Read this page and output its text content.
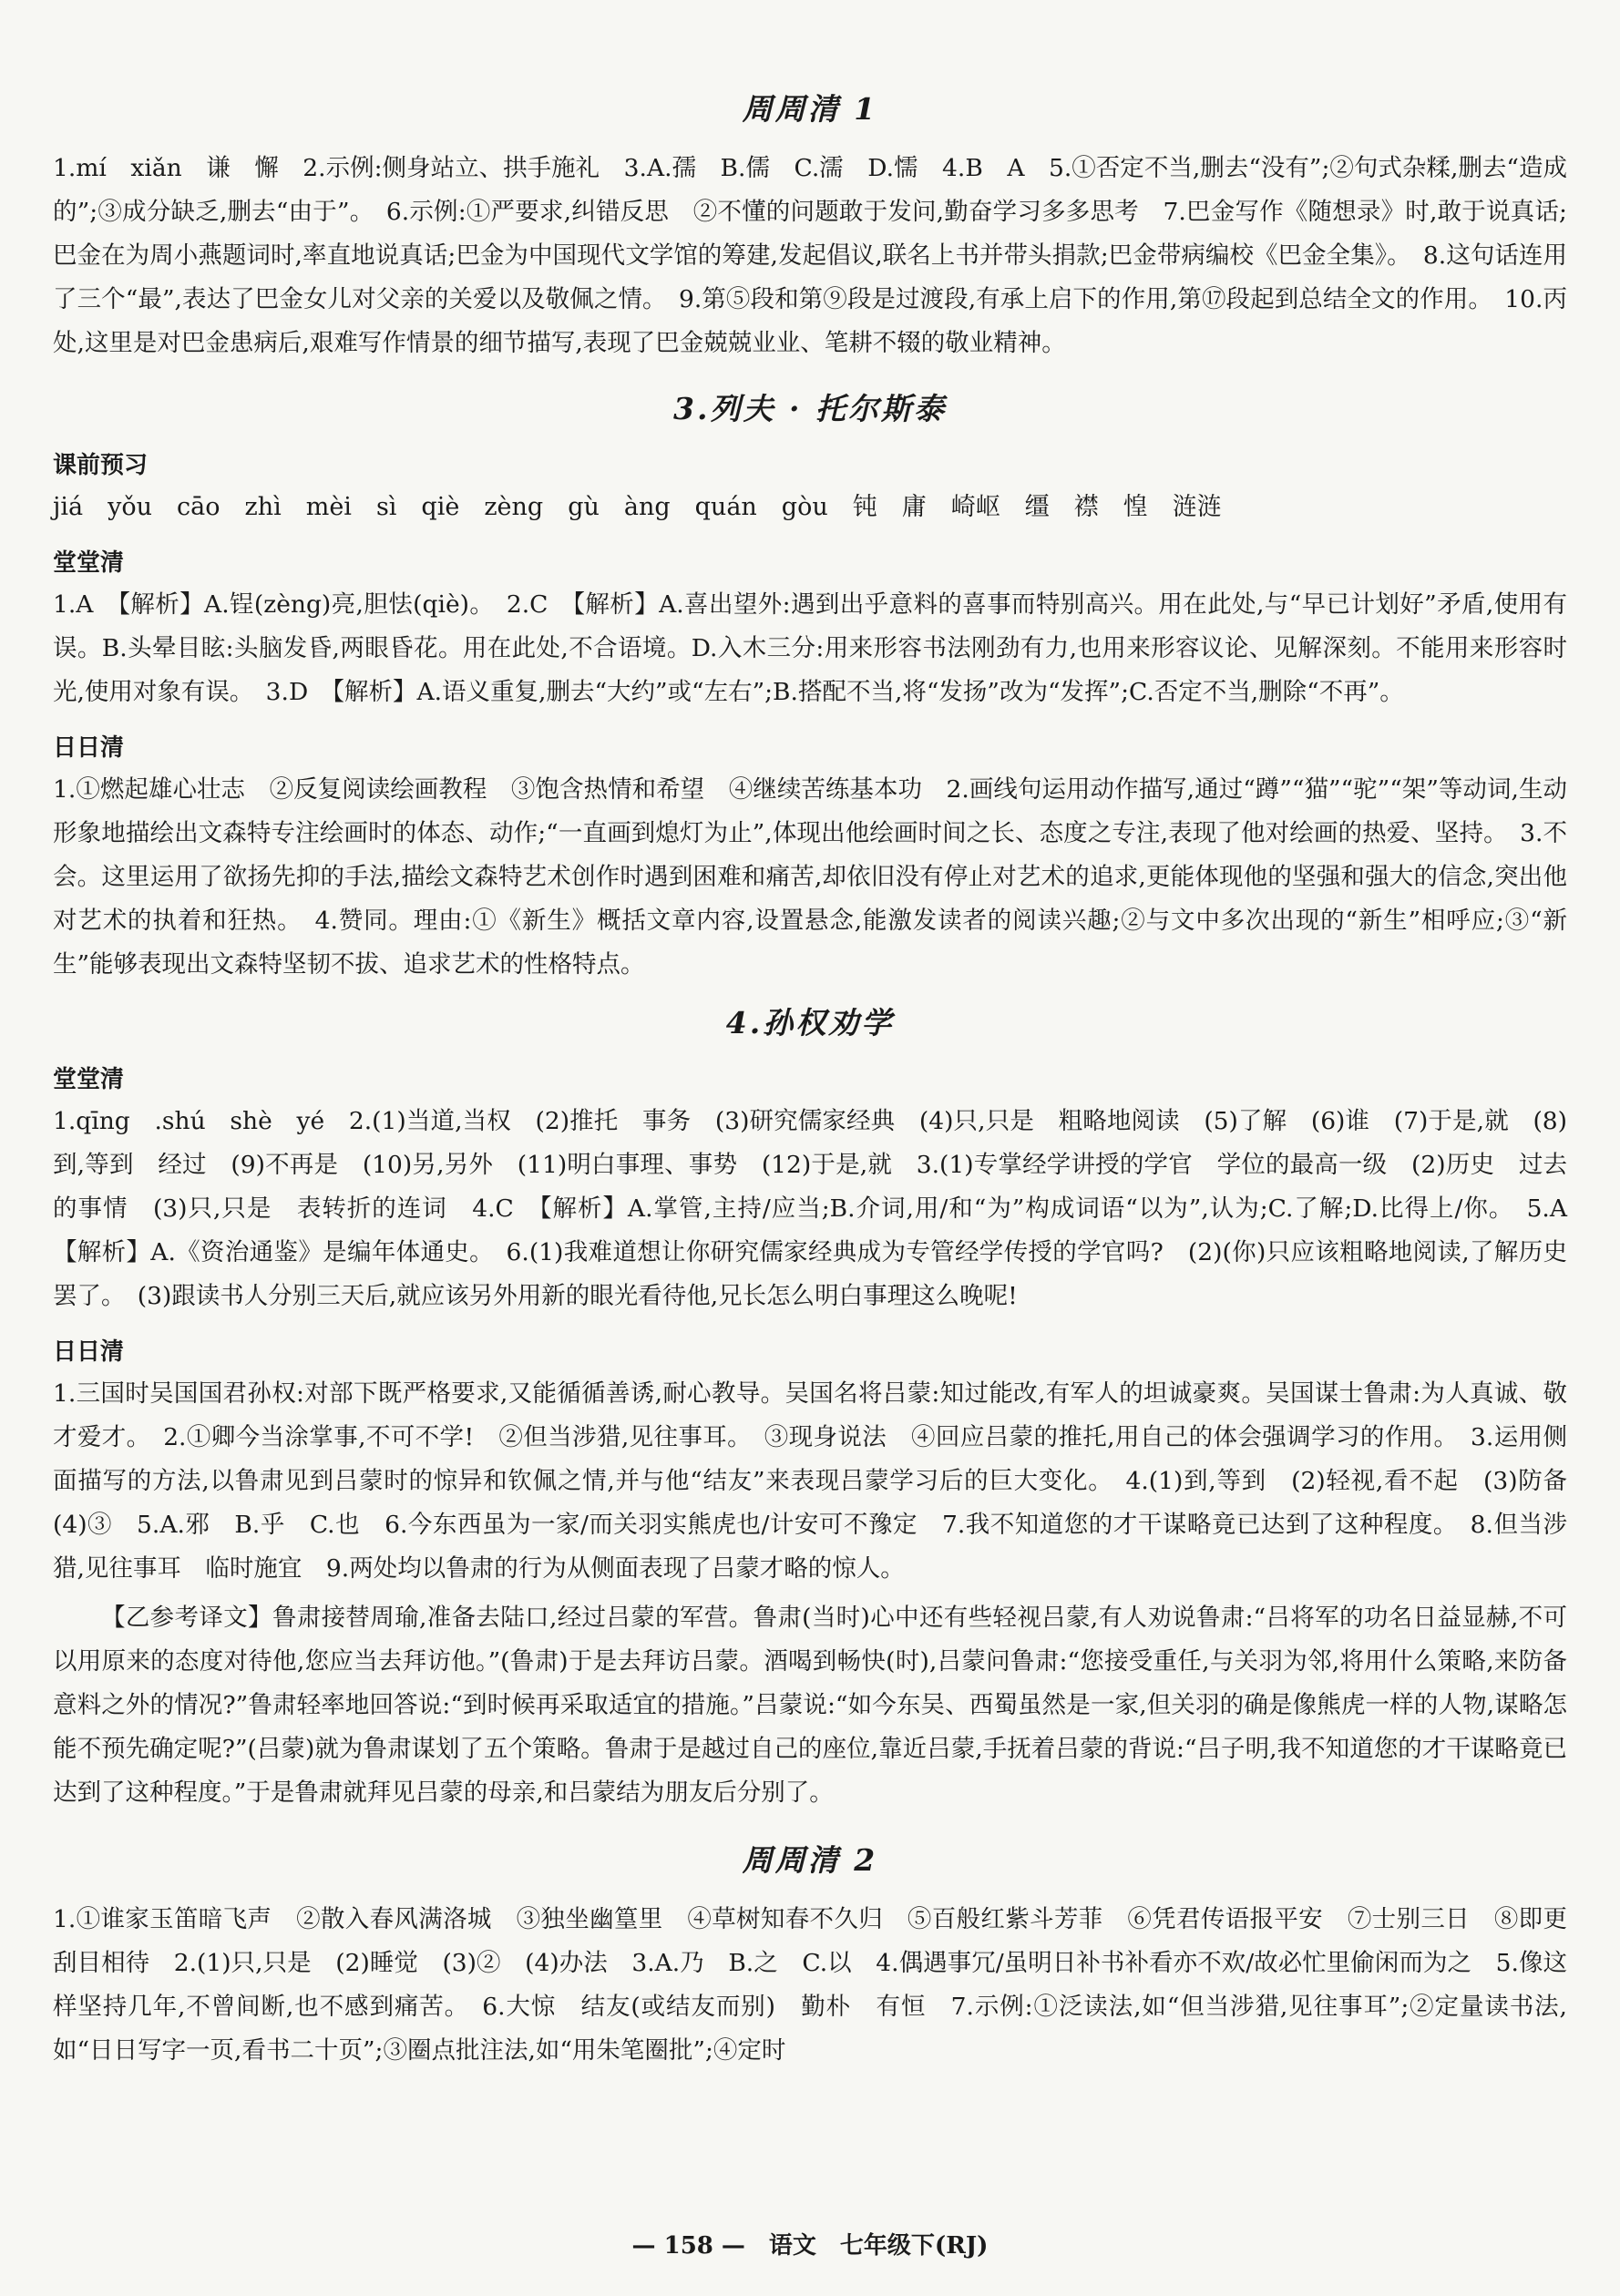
周周清 1

1.mí　xiǎn　谦　懈　2.示例:侧身站立、拱手施礼　3.A.孺　B.儒　C.濡　D.懦　4.B　A　5.①否定不当,删去“没有”;②句式杂糅,删去“造成的”;③成分缺乏,删去“由于”。　6.示例:①严要求,纠错反思　②不懂的问题敢于发问,勤奋学习多多思考　7.巴金写作《随想录》时,敢于说真话;巴金在为周小燕题词时,率直地说真话;巴金为中国现代文学馆的筹建,发起倡议,联名上书并带头捐款;巴金带病编校《巴金全集》。　8.这句话连用了三个“最”,表达了巴金女儿对父亲的关爱以及敬佩之情。　9.第⑤段和第⑨段是过渡段,有承上启下的作用,第⑰段起到总结全文的作用。　10.丙处,这里是对巴金患病后,艰难写作情景的细节描写,表现了巴金兢兢业业、笔耕不辍的敬业精神。

3.列夫 · 托尔斯泰
课前预习

jiá　yǒu　cāo　zhì　mèi　sì　qiè　zèng　gù　àng　quán　gòu　钝　庸　崎岖　缰　襟　惶　涟涟

堂堂清

1.A　【解析】A.锃(zèng)亮,胆怯(qiè)。　2.C　【解析】A.喜出望外:遇到出乎意料的喜事而特别高兴。用在此处,与“早已计划好”矛盾,使用有误。B.头晕目眩:头脑发昏,两眼昏花。用在此处,不合语境。D.入木三分:用来形容书法刚劲有力,也用来形容议论、见解深刻。不能用来形容时光,使用对象有误。　3.D　【解析】A.语义重复,删去“大约”或“左右”;B.搭配不当,将“发扬”改为“发挥”;C.否定不当,删除“不再”。

日日清

1.①燃起雄心壮志　②反复阅读绘画教程　③饱含热情和希望　④继续苦练基本功　2.画线句运用动作描写,通过“蹲”“猫”“驼”“架”等动词,生动形象地描绘出文森特专注绘画时的体态、动作;“一直画到熄灯为止”,体现出他绘画时间之长、态度之专注,表现了他对绘画的热爱、坚持。　3.不会。这里运用了欲扬先抑的手法,描绘文森特艺术创作时遇到困难和痛苦,却依旧没有停止对艺术的追求,更能体现他的坚强和强大的信念,突出他对艺术的执着和狂热。　4.赞同。理由:①《新生》概括文章内容,设置悬念,能激发读者的阅读兴趣;②与文中多次出现的“新生”相呼应;③“新生”能够表现出文森特坚韧不拔、追求艺术的性格特点。

4.孙权劝学
堂堂清

1.qīng　.shú　shè　yé　2.(1)当道,当权　(2)推托　事务　(3)研究儒家经典　(4)只,只是　粗略地阅读　(5)了解　(6)谁　(7)于是,就　(8)到,等到　经过　(9)不再是　(10)另,另外　(11)明白事理、事势　(12)于是,就　3.(1)专掌经学讲授的学官　学位的最高一级　(2)历史　过去的事情　(3)只,只是　表转折的连词　4.C　【解析】A.掌管,主持/应当;B.介词,用/和“为”构成词语“以为”,认为;C.了解;D.比得上/你。　5.A　【解析】A.《资治通鉴》是编年体通史。　6.(1)我难道想让你研究儒家经典成为专管经学传授的学官吗?　(2)(你)只应该粗略地阅读,了解历史罢了。　(3)跟读书人分别三天后,就应该另外用新的眼光看待他,兄长怎么明白事理这么晚呢!

日日清

1.三国时吴国国君孙权:对部下既严格要求,又能循循善诱,耐心教导。吴国名将吕蒙:知过能改,有军人的坦诚豪爽。吴国谋士鲁肃:为人真诚、敬才爱才。　2.①卿今当涂掌事,不可不学!　②但当涉猎,见往事耳。　③现身说法　④回应吕蒙的推托,用自己的体会强调学习的作用。　3.运用侧面描写的方法,以鲁肃见到吕蒙时的惊异和钦佩之情,并与他“结友”来表现吕蒙学习后的巨大变化。　4.(1)到,等到　(2)轻视,看不起　(3)防备　(4)③　5.A.邪　B.乎　C.也　6.今东西虽为一家/而关羽实熊虎也/计安可不豫定　7.我不知道您的才干谋略竟已达到了这种程度。　8.但当涉猎,见往事耳　临时施宜　9.两处均以鲁肃的行为从侧面表现了吕蒙才略的惊人。

【乙参考译文】鲁肃接替周瑜,准备去陆口,经过吕蒙的军营。鲁肃(当时)心中还有些轻视吕蒙,有人劝说鲁肃:“吕将军的功名日益显赫,不可以用原来的态度对待他,您应当去拜访他。”(鲁肃)于是去拜访吕蒙。酒喝到畅快(时),吕蒙问鲁肃:“您接受重任,与关羽为邻,将用什么策略,来防备意料之外的情况?”鲁肃轻率地回答说:“到时候再采取适宜的措施。”吕蒙说:“如今东吴、西蜀虽然是一家,但关羽的确是像熊虎一样的人物,谋略怎能不预先确定呢?”(吕蒙)就为鲁肃谋划了五个策略。鲁肃于是越过自己的座位,靠近吕蒙,手抚着吕蒙的背说:“吕子明,我不知道您的才干谋略竟已达到了这种程度。”于是鲁肃就拜见吕蒙的母亲,和吕蒙结为朋友后分别了。

周周清 2

1.①谁家玉笛暗飞声　②散入春风满洛城　③独坐幽篁里　④草树知春不久归　⑤百般红紫斗芳菲　⑥凭君传语报平安　⑦士别三日　⑧即更刮目相待　2.(1)只,只是　(2)睡觉　(3)②　(4)办法　3.A.乃　B.之　C.以　4.偶遇事冗/虽明日补书补看亦不欢/故必忙里偷闲而为之　5.像这样坚持几年,不曾间断,也不感到痛苦。　6.大惊　结友(或结友而别)　勤朴　有恒　7.示例:①泛读法,如“但当涉猎,见往事耳”;②定量读书法,如“日日写字一页,看书二十页”;③圈点批注法,如“用朱笔圈批”;④定时

— 158 —　语文　七年级下(RJ)
